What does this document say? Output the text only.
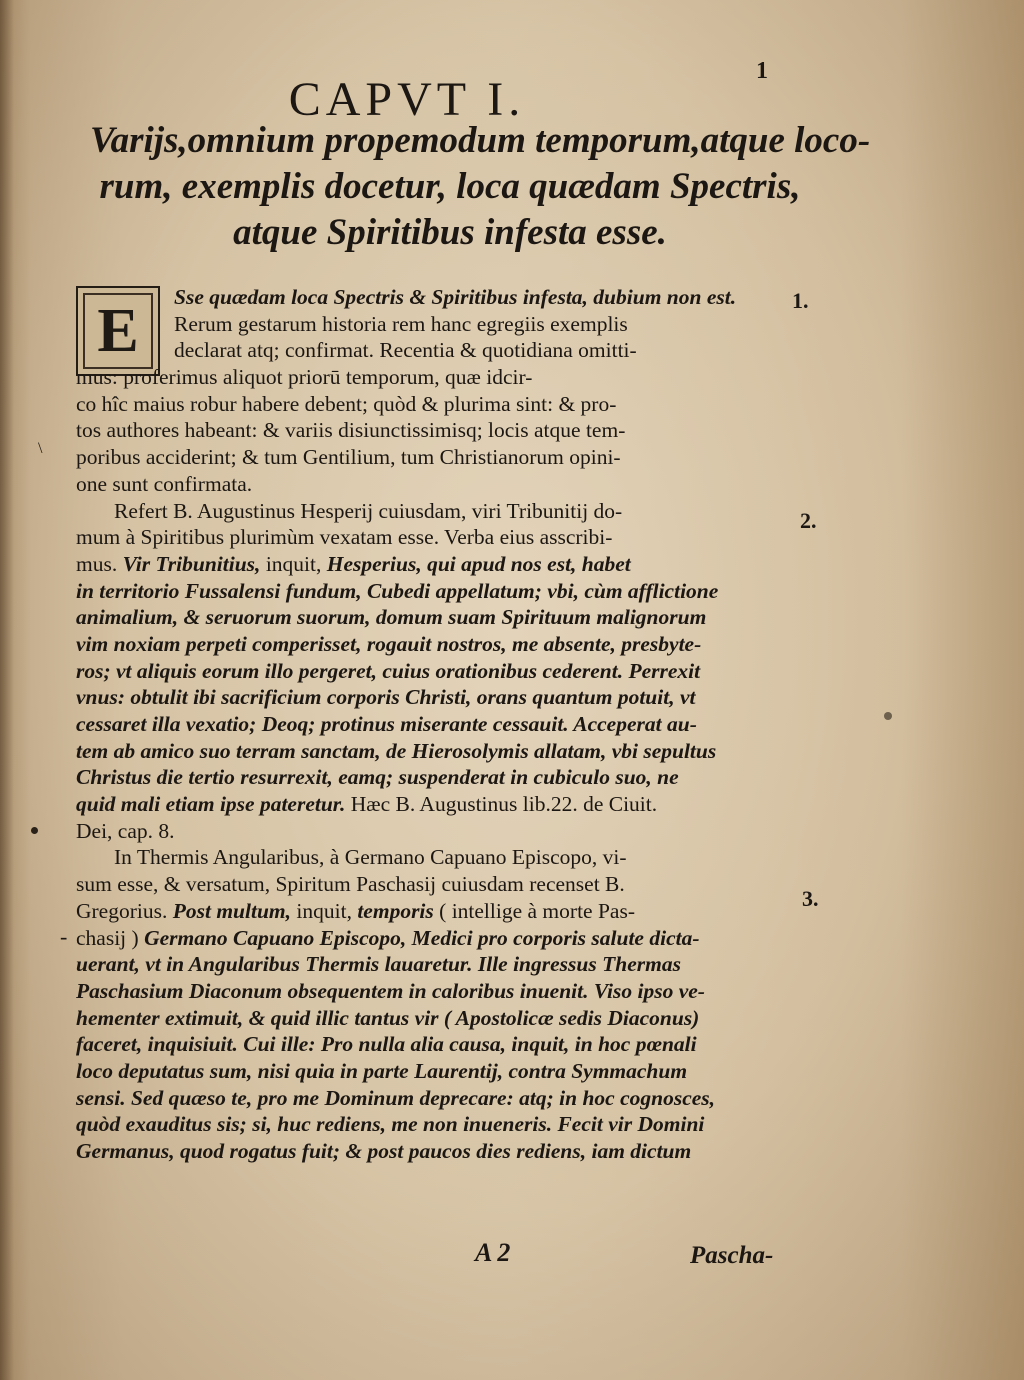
1
CAPVT I.
Varijs,omnium propemodum temporum,atque loco-
rum, exemplis docetur, loca quædam Spectris,
atque Spiritibus infesta esse.
E	Sse quædam loca Spectris & Spiritibus infesta, dubium non est.
Rerum gestarum historia rem hanc egregiis exemplis
declarat atq; confirmat. Recentia & quotidiana omitti-
mus: proferimus aliquot priorū temporum, quæ idcir-
co hîc maius robur habere debent; quòd & plurima sint: & pro-
tos authores habeant: & variis disiunctissimisq; locis atque tem-
poribus acciderint; & tum Gentilium, tum Christianorum opini-
one sunt confirmata.
Refert B. Augustinus Hesperij cuiusdam, viri Tribunitij do-
mum à Spiritibus plurimùm vexatam esse. Verba eius asscribi-
mus. Vir Tribunitius, inquit, Hesperius, qui apud nos est, habet
in territorio Fussalensi fundum, Cubedi appellatum; vbi, cùm afflictione
animalium, & seruorum suorum, domum suam Spirituum malignorum
vim noxiam perpeti comperisset, rogauit nostros, me absente, presbyte-
ros; vt aliquis eorum illo pergeret, cuius orationibus cederent. Perrexit
vnus: obtulit ibi sacrificium corporis Christi, orans quantum potuit, vt
cessaret illa vexatio; Deoq; protinus miserante cessauit. Acceperat au-
tem ab amico suo terram sanctam, de Hierosolymis allatam, vbi sepultus
Christus die tertio resurrexit, eamq; suspenderat in cubiculo suo, ne
quid mali etiam ipse pateretur. Hæc B. Augustinus lib.22. de Ciuit.
Dei, cap. 8.
In Thermis Angularibus, à Germano Capuano Episcopo, vi-
sum esse, & versatum, Spiritum Paschasij cuiusdam recenset B.
Gregorius. Post multum, inquit, temporis ( intellige à morte Pas-
chasij ) Germano Capuano Episcopo, Medici pro corporis salute dicta-
uerant, vt in Angularibus Thermis lauaretur. Ille ingressus Thermas
Paschasium Diaconum obsequentem in caloribus inuenit. Viso ipso ve-
hementer extimuit, & quid illic tantus vir ( Apostolicæ sedis Diaconus)
faceret, inquisiuit. Cui ille: Pro nulla alia causa, inquit, in hoc pœnali
loco deputatus sum, nisi quia in parte Laurentij, contra Symmachum
sensi. Sed quæso te, pro me Dominum deprecare: atq; in hoc cognosces,
quòd exauditus sis; si, huc rediens, me non inueneris. Fecit vir Domini
Germanus, quod rogatus fuit; & post paucos dies rediens, iam dictum
1.
2.
3.
-
\
A 2	Pascha-
